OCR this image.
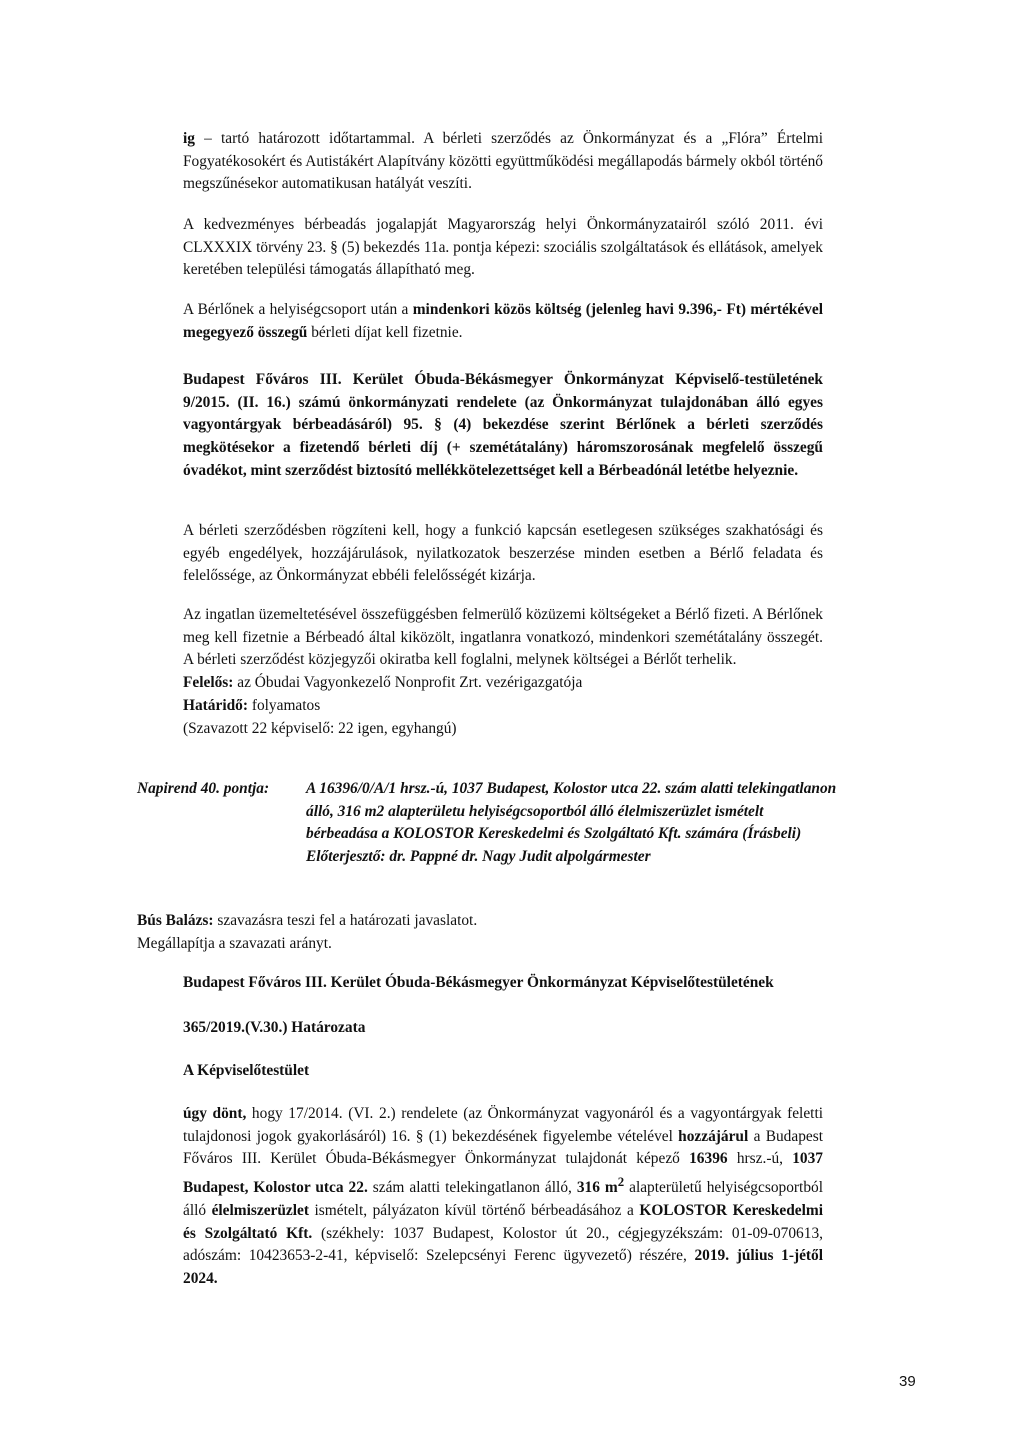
ig – tartó határozott időtartammal. A bérleti szerződés az Önkormányzat és a „Flóra” Értelmi Fogyatékosokért és Autistákért Alapítvány közötti együttműködési megállapodás bármely okból történő megszűnésekor automatikusan hatályát veszíti.

A kedvezményes bérbeadás jogalapját Magyarország helyi Önkormányzatairól szóló 2011. évi CLXXXIX törvény 23. § (5) bekezdés 11a. pontja képezi: szociális szolgáltatások és ellátások, amelyek keretében települési támogatás állapítható meg.

A Bérlőnek a helyiségcsoport után a mindenkori közös költség (jelenleg havi 9.396,- Ft) mértékével megegyező összegű bérleti díjat kell fizetnie.

Budapest Főváros III. Kerület Óbuda-Békásmegyer Önkormányzat Képviselő-testületének 9/2015. (II. 16.) számú önkormányzati rendelete (az Önkormányzat tulajdonában álló egyes vagyontárgyak bérbeadásáról) 95. § (4) bekezdése szerint Bérlőnek a bérleti szerződés megkötésekor a fizetendő bérleti díj (+ szemétátalány) háromszorosának megfelelő összegű óvadékot, mint szerződést biztosító mellékkötelezettséget kell a Bérbeadónál letétbe helyeznie.

A bérleti szerződésben rögzíteni kell, hogy a funkció kapcsán esetlegesen szükséges szakhatósági és egyéb engedélyek, hozzájárulások, nyilatkozatok beszerzése minden esetben a Bérlő feladata és felelőssége, az Önkormányzat ebbéli felelősségét kizárja.

Az ingatlan üzemeltetésével összefüggésben felmerülő közüzemi költségeket a Bérlő fizeti. A Bérlőnek meg kell fizetnie a Bérbeadó által kiközölt, ingatlanra vonatkozó, mindenkori szemétátalány összegét. A bérleti szerződést közjegyzői okiratba kell foglalni, melynek költségei a Bérlőt terhelik.

Felelős: az Óbudai Vagyonkezelő Nonprofit Zrt. vezérigazgatója

Határidő: folyamatos

(Szavazott 22 képviselő: 22 igen, egyhangú)

Napirend 40. pontja: A 16396/0/A/1 hrsz.-ú, 1037 Budapest, Kolostor utca 22. szám alatti telekingatlanon álló, 316 m2 alapterületu helyiségcsoportból álló élelmiszerüzlet ismételt bérbeadása a KOLOSTOR Kereskedelmi és Szolgáltató Kft. számára (Írásbeli)

Előterjesztő: dr. Pappné dr. Nagy Judit alpolgármester

Bús Balázs: szavazásra teszi fel a határozati javaslatot.
Megállapítja a szavazati arányt.

Budapest Főváros III. Kerület Óbuda-Békásmegyer Önkormányzat Képviselőtestületének

365/2019.(V.30.) Határozata

A Képviselőtestület

úgy dönt, hogy 17/2014. (VI. 2.) rendelete (az Önkormányzat vagyonáról és a vagyontárgyak feletti tulajdonosi jogok gyakorlásáról) 16. § (1) bekezdésének figyelembe vételével hozzájárul a Budapest Főváros III. Kerület Óbuda-Békásmegyer Önkormányzat tulajdonát képező 16396 hrsz.-ú, 1037 Budapest, Kolostor utca 22. szám alatti telekingatlanon álló, 316 $m^2$ alapterületű helyiségcsoportból álló élelmiszerüzlet ismételt, pályázaton kívül történő bérbeadásához a KOLOSTOR Kereskedelmi és Szolgáltató Kft. (székhely: 1037 Budapest, Kolostor út 20., cégjegyzékszám: 01-09-070613, adószám: 10423653-2-41, képviselő: Szelepcsényi Ferenc ügyvezető) részére, 2019. július 1-jétől 2024.

39
